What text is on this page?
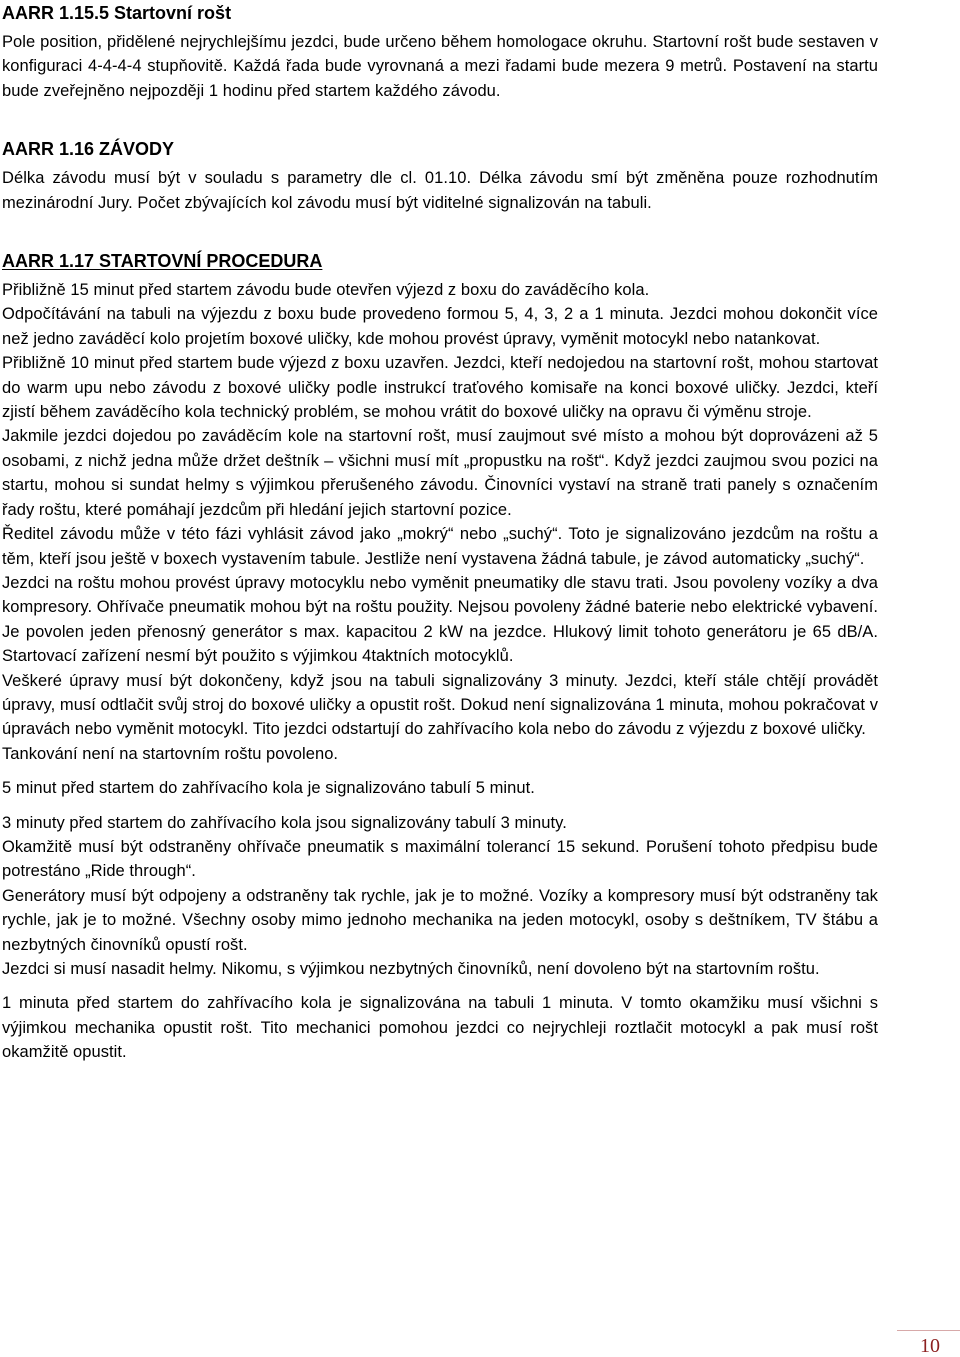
AARR 1.15.5 Startovní rošt

Pole position, přidělené nejrychlejšímu jezdci, bude určeno během homologace okruhu. Startovní rošt bude sestaven v konfiguraci 4-4-4-4 stupňovitě. Každá řada bude vyrovnaná a mezi řadami bude mezera 9 metrů. Postavení na startu bude zveřejněno nejpozději 1 hodinu před startem každého závodu.

AARR 1.16 ZÁVODY

Délka závodu musí být v souladu s parametry dle cl. 01.10. Délka závodu smí být změněna pouze rozhodnutím mezinárodní Jury. Počet zbývajících kol závodu musí být viditelné signalizován na tabuli.

AARR 1.17 STARTOVNÍ PROCEDURA

Přibližně 15 minut před startem závodu bude otevřen výjezd z boxu do zaváděcího kola.

Odpočítávání na tabuli na výjezdu z boxu bude provedeno formou 5, 4, 3, 2 a 1 minuta. Jezdci mohou dokončit více než jedno zaváděcí kolo projetím boxové uličky, kde mohou provést úpravy, vyměnit motocykl nebo natankovat.

Přibližně 10 minut před startem bude výjezd z boxu uzavřen. Jezdci, kteří nedojedou na startovní rošt, mohou startovat do warm upu nebo závodu z boxové uličky podle instrukcí traťového komisaře na konci boxové uličky. Jezdci, kteří zjistí během zaváděcího kola technický problém, se mohou vrátit do boxové uličky na opravu či výměnu stroje.

Jakmile jezdci dojedou po zaváděcím kole na startovní rošt, musí zaujmout své místo a mohou být doprovázeni až 5 osobami, z nichž jedna může držet deštník – všichni musí mít „propustku na rošt“. Když jezdci zaujmou svou pozici na startu, mohou si sundat helmy s výjimkou přerušeného závodu. Činovníci vystaví na straně trati panely s označením řady roštu, které pomáhají jezdcům při hledání jejich startovní pozice.

Ředitel závodu může v této fázi vyhlásit závod jako „mokrý“ nebo „suchý“. Toto je signalizováno jezdcům na roštu a těm, kteří jsou ještě v boxech vystavením tabule. Jestliže není vystavena žádná tabule, je závod automaticky „suchý“.

Jezdci na roštu mohou provést úpravy motocyklu nebo vyměnit pneumatiky dle stavu trati. Jsou povoleny vozíky a dva kompresory. Ohřívače pneumatik mohou být na roštu použity. Nejsou povoleny žádné baterie nebo elektrické vybavení. Je povolen jeden přenosný generátor s max. kapacitou 2 kW na jezdce. Hlukový limit tohoto generátoru je 65 dB/A. Startovací zařízení nesmí být použito s výjimkou 4taktních motocyklů.

Veškeré úpravy musí být dokončeny, když jsou na tabuli signalizovány 3 minuty. Jezdci, kteří stále chtějí provádět úpravy, musí odtlačit svůj stroj do boxové uličky a opustit rošt. Dokud není signalizována 1 minuta, mohou pokračovat v úpravách nebo vyměnit motocykl. Tito jezdci odstartují do zahřívacího kola nebo do závodu z výjezdu z boxové uličky.

Tankování není na startovním roštu povoleno.

5 minut před startem do zahřívacího kola je signalizováno tabulí 5 minut.

3 minuty před startem do zahřívacího kola jsou signalizovány tabulí 3 minuty.

Okamžitě musí být odstraněny ohřívače pneumatik s maximální tolerancí 15 sekund. Porušení tohoto předpisu bude potrestáno „Ride through“.

Generátory musí být odpojeny a odstraněny tak rychle, jak je to možné. Vozíky a kompresory musí být odstraněny tak rychle, jak je to možné. Všechny osoby mimo jednoho mechanika na jeden motocykl, osoby s deštníkem, TV štábu a nezbytných činovníků opustí rošt.

Jezdci si musí nasadit helmy. Nikomu, s výjimkou nezbytných činovníků, není dovoleno být na startovním roštu.

1 minuta před startem do zahřívacího kola je signalizována na tabuli 1 minuta. V tomto okamžiku musí všichni s výjimkou mechanika opustit rošt. Tito mechanici pomohou jezdci co nejrychleji roztlačit motocykl a pak musí rošt okamžitě opustit.

10
